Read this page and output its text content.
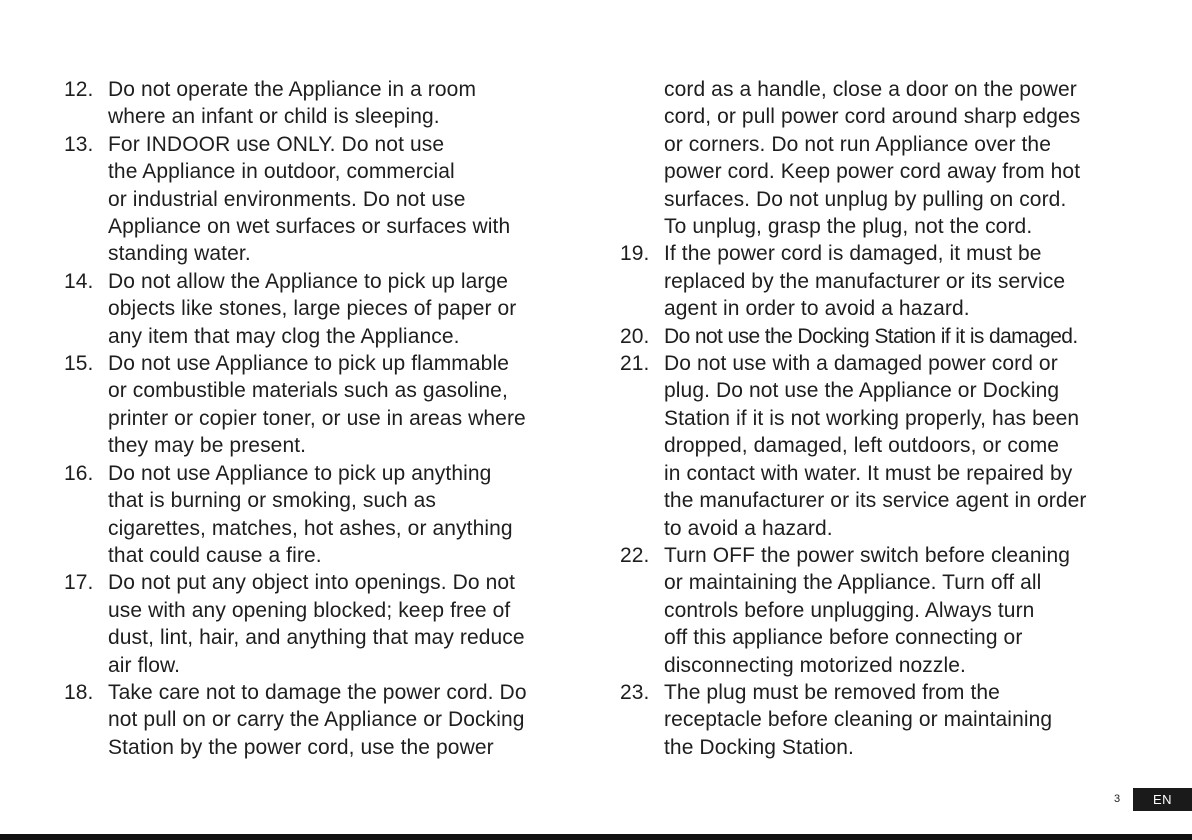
12. Do not operate the Appliance in a room
where an infant or child is sleeping.
13. For INDOOR use ONLY. Do not use
the Appliance in outdoor, commercial
or industrial environments. Do not use
Appliance on wet surfaces or surfaces with
standing water.
14. Do not allow the Appliance to pick up large
objects like stones, large pieces of paper or
any item that may clog the Appliance.
15. Do not use Appliance to pick up flammable
or combustible materials such as gasoline,
printer or copier toner, or use in areas where
they may be present.
16. Do not use Appliance to pick up anything
that is burning or smoking, such as
cigarettes, matches, hot ashes, or anything
that could cause a fire.
17. Do not put any object into openings. Do not
use with any opening blocked; keep free of
dust, lint, hair, and anything that may reduce
air flow.
18. Take care not to damage the power cord. Do
not pull on or carry the Appliance or Docking
Station by the power cord, use the power
cord as a handle, close a door on the power
cord, or pull power cord around sharp edges
or corners. Do not run Appliance over the
power cord. Keep power cord away from hot
surfaces. Do not unplug by pulling on cord.
To unplug, grasp the plug, not the cord.
19. If the power cord is damaged, it must be
replaced by the manufacturer or its service
agent in order to avoid a hazard.
20. Do not use the Docking Station if it is damaged.
21. Do not use with a damaged power cord or
plug. Do not use the Appliance or Docking
Station if it is not working properly, has been
dropped, damaged, left outdoors, or come
in contact with water. It must be repaired by
the manufacturer or its service agent in order
to avoid a hazard.
22. Turn OFF the power switch before cleaning
or maintaining the Appliance. Turn off all
controls before unplugging. Always turn
off this appliance before connecting or
disconnecting motorized nozzle.
23. The plug must be removed from the
receptacle before cleaning or maintaining
the Docking Station.
3	EN
